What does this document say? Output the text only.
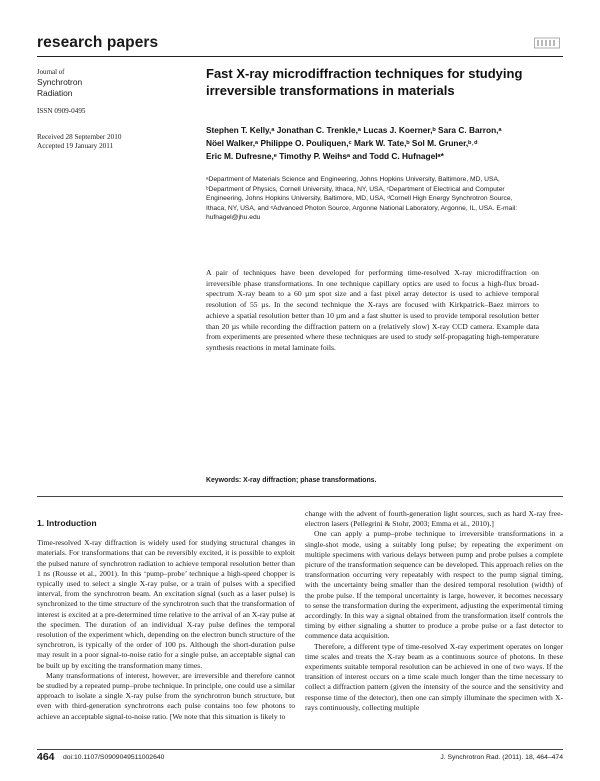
research papers
Journal of
Synchrotron
Radiation
ISSN 0909-0495
Received 28 September 2010
Accepted 19 January 2011
Fast X-ray microdiffraction techniques for studying irreversible transformations in materials
Stephen T. Kelly,ᵃ Jonathan C. Trenkle,ᵃ Lucas J. Koerner,ᵇ Sara C. Barron,ᵃ
Nöel Walker,ᵃ Philippe O. Pouliquen,ᶜ Mark W. Tate,ᵇ Sol M. Gruner,ᵇ˒ᵈ
Eric M. Dufresne,ᵉ Timothy P. Weihsᵃ and Todd C. Hufnagelᵃ*
ᵃDepartment of Materials Science and Engineering, Johns Hopkins University, Baltimore, MD, USA, ᵇDepartment of Physics, Cornell University, Ithaca, NY, USA, ᶜDepartment of Electrical and Computer Engineering, Johns Hopkins University, Baltimore, MD, USA, ᵈCornell High Energy Synchrotron Source, Ithaca, NY, USA, and ᵉAdvanced Photon Source, Argonne National Laboratory, Argonne, IL, USA. E-mail: hufnagel@jhu.edu
A pair of techniques have been developed for performing time-resolved X-ray microdiffraction on irreversible phase transformations. In one technique capillary optics are used to focus a high-flux broad-spectrum X-ray beam to a 60 µm spot size and a fast pixel array detector is used to achieve temporal resolution of 55 µs. In the second technique the X-rays are focused with Kirkpatrick–Baez mirrors to achieve a spatial resolution better than 10 µm and a fast shutter is used to provide temporal resolution better than 20 µs while recording the diffraction pattern on a (relatively slow) X-ray CCD camera. Example data from experiments are presented where these techniques are used to study self-propagating high-temperature synthesis reactions in metal laminate foils.
Keywords: X-ray diffraction; phase transformations.
1. Introduction

Time-resolved X-ray diffraction is widely used for studying structural changes in materials. For transformations that can be reversibly excited, it is possible to exploit the pulsed nature of synchrotron radiation to achieve temporal resolution better than 1 ns (Rousse et al., 2001). In this ‘pump–probe’ technique a high-speed chopper is typically used to select a single X-ray pulse, or a train of pulses with a specified interval, from the synchrotron beam. An excitation signal (such as a laser pulse) is synchronized to the time structure of the synchrotron such that the transformation of interest is excited at a pre-determined time relative to the arrival of an X-ray pulse at the specimen. The duration of an individual X-ray pulse defines the temporal resolution of the experiment which, depending on the electron bunch structure of the synchrotron, is typically of the order of 100 ps. Although the short-duration pulse may result in a poor signal-to-noise ratio for a single pulse, an acceptable signal can be built up by exciting the transformation many times.

Many transformations of interest, however, are irreversible and therefore cannot be studied by a repeated pump–probe technique. In principle, one could use a similar approach to isolate a single X-ray pulse from the synchrotron bunch structure, but even with third-generation synchrotrons each pulse contains too few photons to achieve an acceptable signal-to-noise ratio. [We note that this situation is likely to

change with the advent of fourth-generation light sources, such as hard X-ray free-electron lasers (Pellegrini & Stohr, 2003; Emma et al., 2010).]

One can apply a pump–probe technique to irreversible transformations in a single-shot mode, using a suitably long pulse; by repeating the experiment on multiple specimens with various delays between pump and probe pulses a complete picture of the transformation sequence can be developed. This approach relies on the transformation occurring very repeatably with respect to the pump signal timing, with the uncertainty being smaller than the desired temporal resolution (width) of the probe pulse. If the temporal uncertainty is large, however, it becomes necessary to sense the transformation during the experiment, adjusting the experimental timing accordingly. In this way a signal obtained from the transformation itself controls the timing by either signaling a shutter to produce a probe pulse or a fast detector to commence data acquisition.

Therefore, a different type of time-resolved X-ray experiment operates on longer time scales and treats the X-ray beam as a continuous source of photons. In these experiments suitable temporal resolution can be achieved in one of two ways. If the transition of interest occurs on a time scale much longer than the time necessary to collect a diffraction pattern (given the intensity of the source and the sensitivity and response time of the detector), then one can simply illuminate the specimen with X-rays continuously, collecting multiple

464 doi:10.1107/S0909049511002640	J. Synchrotron Rad. (2011). 18, 464–474
